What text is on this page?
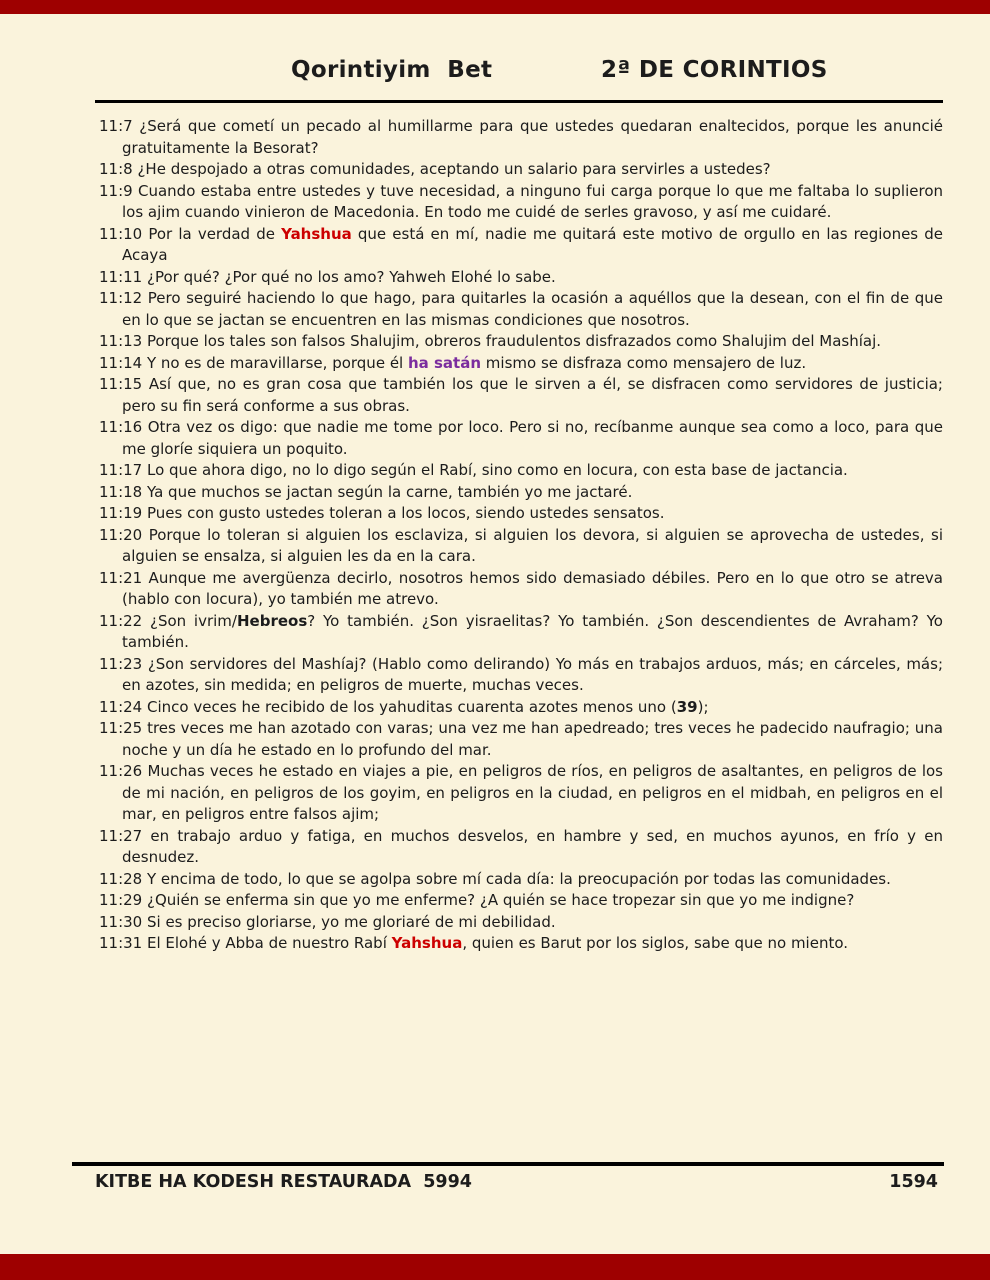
Qorintiyim  Bet	2ª DE CORINTIOS

11:7 ¿Será que cometí un pecado al humillarme para que ustedes quedaran enaltecidos, porque les anuncié gratuitamente la Besorat?

11:8 ¿He despojado a otras comunidades, aceptando un salario para servirles a ustedes?

11:9 Cuando estaba entre ustedes y tuve necesidad, a ninguno fui carga porque lo que me faltaba lo suplieron los ajim cuando vinieron de Macedonia. En todo me cuidé de serles gravoso, y así me cuidaré.

11:10 Por la verdad de Yahshua que está en mí, nadie me quitará este motivo de orgullo en las regiones de Acaya

11:11 ¿Por qué? ¿Por qué no los amo? Yahweh Elohé lo sabe.

11:12 Pero seguiré haciendo lo que hago, para quitarles la ocasión a aquéllos que la desean, con el fin de que en lo que se jactan se encuentren en las mismas condiciones que nosotros.

11:13 Porque los tales son falsos Shalujim, obreros fraudulentos disfrazados como Shalujim del Mashíaj.

11:14 Y no es de maravillarse, porque él ha satán mismo se disfraza como mensajero de luz.

11:15 Así que, no es gran cosa que también los que le sirven a él, se disfracen como servidores de justicia; pero su fin será conforme a sus obras.

11:16 Otra vez os digo: que nadie me tome por loco. Pero si no, recíbanme aunque sea como a loco, para que me gloríe siquiera un poquito.

11:17 Lo que ahora digo, no lo digo según el Rabí, sino como en locura, con esta base de jactancia.

11:18 Ya que muchos se jactan según la carne, también yo me jactaré.

11:19 Pues con gusto ustedes toleran a los locos, siendo ustedes sensatos.

11:20 Porque lo toleran si alguien los esclaviza, si alguien los devora, si alguien se aprovecha de ustedes, si alguien se ensalza, si alguien les da en la cara.

11:21 Aunque me avergüenza decirlo, nosotros hemos sido demasiado débiles. Pero en lo que otro se atreva (hablo con locura), yo también me atrevo.

11:22 ¿Son ivrim/Hebreos? Yo también. ¿Son yisraelitas? Yo también. ¿Son descendientes de Avraham? Yo también.

11:23 ¿Son servidores del Mashíaj? (Hablo como delirando) Yo más en trabajos arduos, más; en cárceles, más; en azotes, sin medida; en peligros de muerte, muchas veces.

11:24 Cinco veces he recibido de los yahuditas cuarenta azotes menos uno (39);

11:25 tres veces me han azotado con varas; una vez me han apedreado; tres veces he padecido naufragio; una noche y un día he estado en lo profundo del mar.

11:26 Muchas veces he estado en viajes a pie, en peligros de ríos, en peligros de asaltantes, en peligros de los de mi nación, en peligros de los goyim, en peligros en la ciudad, en peligros en el midbah, en peligros en el mar, en peligros entre falsos ajim;

11:27 en trabajo arduo y fatiga, en muchos desvelos, en hambre y sed, en muchos ayunos, en frío y en desnudez.

11:28 Y encima de todo, lo que se agolpa sobre mí cada día: la preocupación por todas las comunidades.

11:29 ¿Quién se enferma sin que yo me enferme? ¿A quién se hace tropezar sin que yo me indigne?

11:30 Si es preciso gloriarse, yo me gloriaré de mi debilidad.

11:31 El Elohé y Abba de nuestro Rabí Yahshua, quien es Barut por los siglos, sabe que no miento.

KITBE HA KODESH RESTAURADA  5994	1594
